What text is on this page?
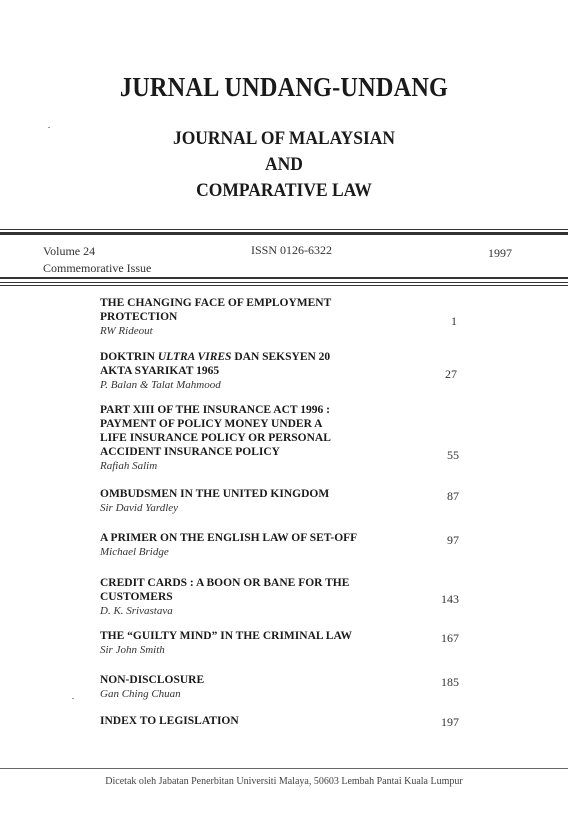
JURNAL UNDANG-UNDANG
JOURNAL OF MALAYSIAN
AND
COMPARATIVE LAW
Volume 24
Commemorative Issue
ISSN 0126-6322	1997
THE CHANGING FACE OF EMPLOYMENT
PROTECTION
RW Rideout
1
DOKTRIN ULTRA VIRES DAN SEKSYEN 20
AKTA SYARIKAT 1965
P. Balan & Talat Mahmood
27
PART XIII OF THE INSURANCE ACT 1996 :
PAYMENT OF POLICY MONEY UNDER A
LIFE INSURANCE POLICY OR PERSONAL
ACCIDENT INSURANCE POLICY
Rafiah Salim
55
OMBUDSMEN IN THE UNITED KINGDOM
Sir David Yardley
87
A PRIMER ON THE ENGLISH LAW OF SET-OFF
Michael Bridge
97
CREDIT CARDS : A BOON OR BANE FOR THE
CUSTOMERS
D. K. Srivastava
143
THE “GUILTY MIND” IN THE CRIMINAL LAW
Sir John Smith
167
NON-DISCLOSURE
Gan Ching Chuan
185
INDEX TO LEGISLATION	197
Dicetak oleh Jabatan Penerbitan Universiti Malaya, 50603 Lembah Pantai Kuala Lumpur
